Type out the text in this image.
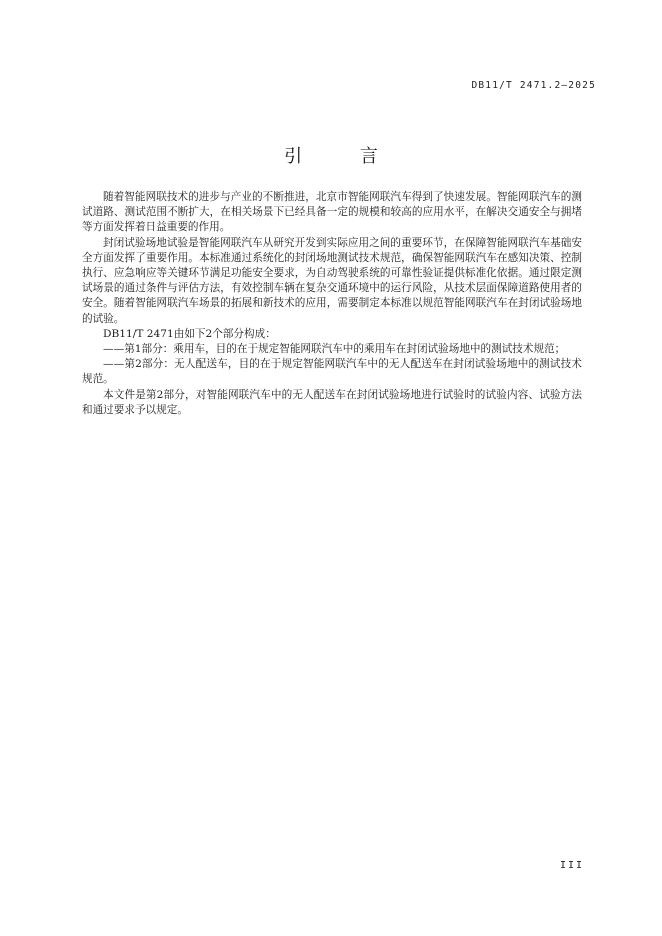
DB11/T 2471.2—2025
引 言

随着智能网联技术的进步与产业的不断推进，北京市智能网联汽车得到了快速发展。智能网联汽车的测试道路、测试范围不断扩大，在相关场景下已经具备一定的规模和较高的应用水平，在解决交通安全与拥堵等方面发挥着日益重要的作用。

封闭试验场地试验是智能网联汽车从研究开发到实际应用之间的重要环节，在保障智能网联汽车基础安全方面发挥了重要作用。本标准通过系统化的封闭场地测试技术规范，确保智能网联汽车在感知决策、控制执行、应急响应等关键环节满足功能安全要求，为自动驾驶系统的可靠性验证提供标准化依据。通过限定测试场景的通过条件与评估方法，有效控制车辆在复杂交通环境中的运行风险，从技术层面保障道路使用者的安全。随着智能网联汽车场景的拓展和新技术的应用，需要制定本标准以规范智能网联汽车在封闭试验场地的试验。

DB11/T 2471由如下2个部分构成：

——第1部分：乘用车，目的在于规定智能网联汽车中的乘用车在封闭试验场地中的测试技术规范；

——第2部分：无人配送车，目的在于规定智能网联汽车中的无人配送车在封闭试验场地中的测试技术规范。

本文件是第2部分，对智能网联汽车中的无人配送车在封闭试验场地进行试验时的试验内容、试验方法和通过要求予以规定。

III
